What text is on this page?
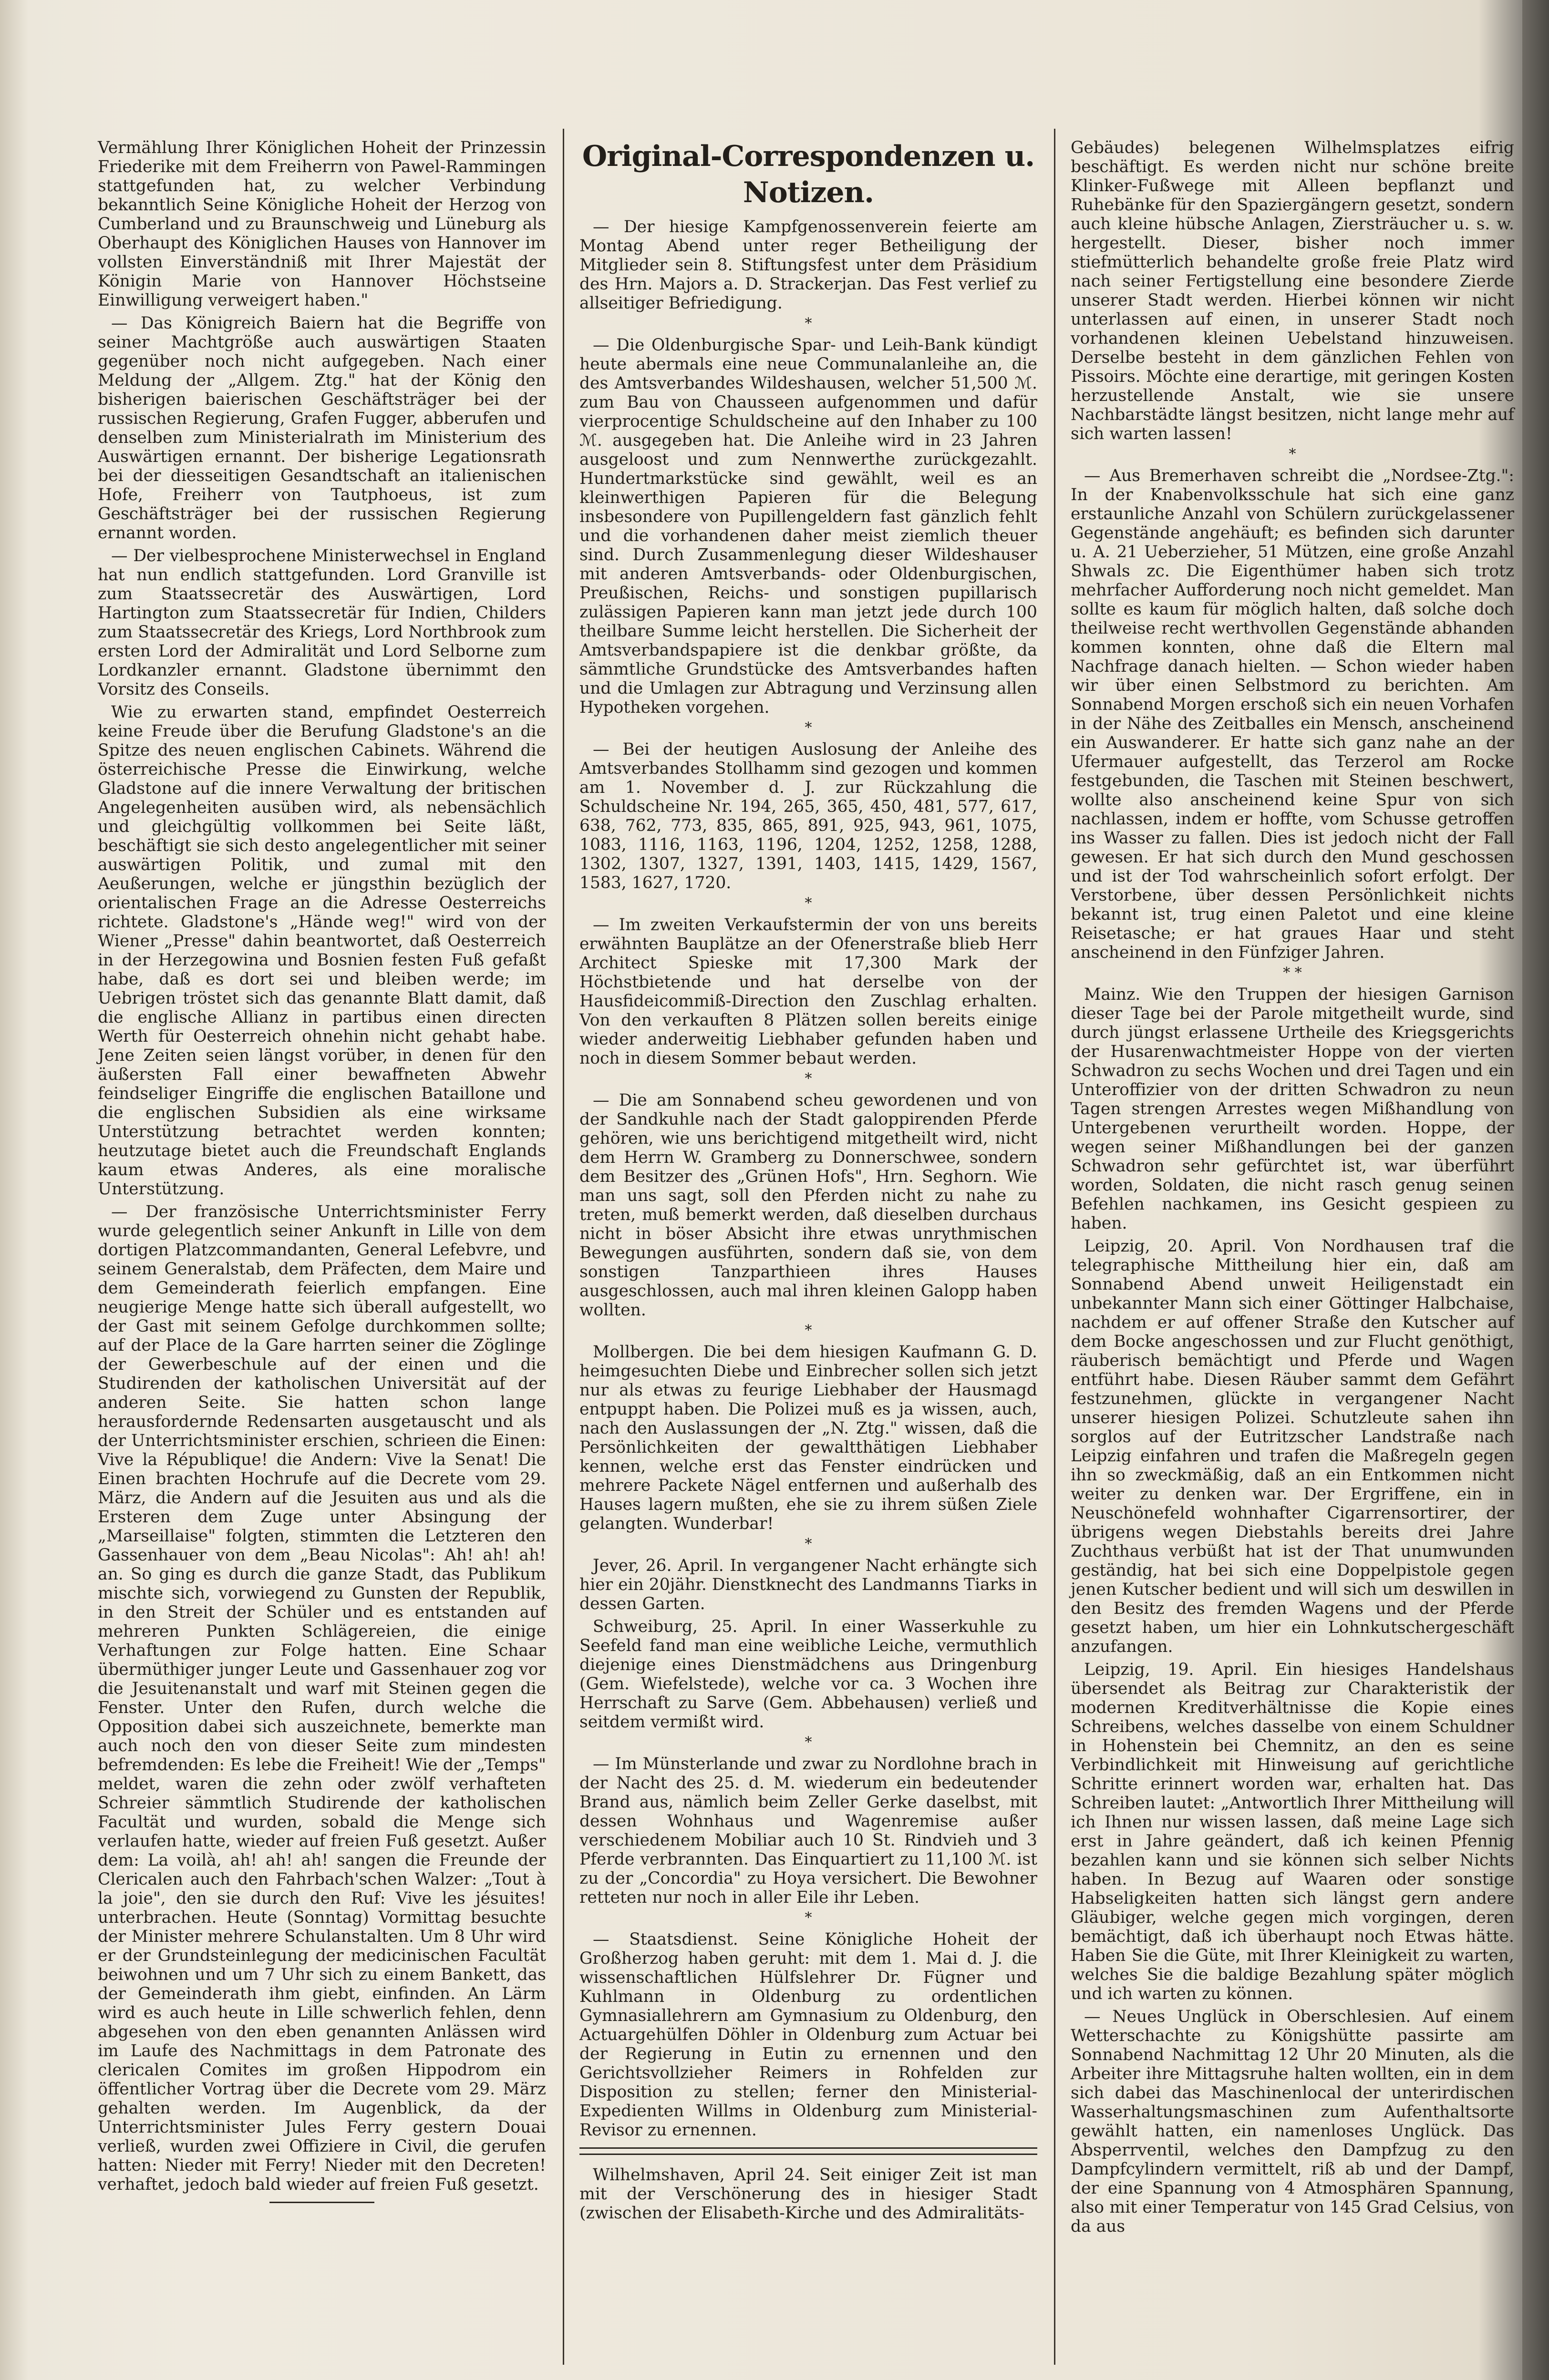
Vermählung Ihrer Königlichen Hoheit der Prinzessin Friederike mit dem Freiherrn von Pawel-Rammingen stattgefunden hat, zu welcher Verbindung bekanntlich Seine Königliche Hoheit der Herzog von Cumberland und zu Braunschweig und Lüneburg als Oberhaupt des Königlichen Hauses von Hannover im vollsten Einverständniß mit Ihrer Majestät der Königin Marie von Hannover Höchstseine Einwilligung verweigert haben."

— Das Königreich Baiern hat die Begriffe von seiner Machtgröße auch auswärtigen Staaten gegenüber noch nicht aufgegeben. Nach einer Meldung der „Allgem. Ztg." hat der König den bisherigen baierischen Geschäftsträger bei der russischen Regierung, Grafen Fugger, abberufen und denselben zum Ministerialrath im Ministerium des Auswärtigen ernannt. Der bisherige Legationsrath bei der diesseitigen Gesandtschaft an italienischen Hofe, Freiherr von Tautphoeus, ist zum Geschäftsträger bei der russischen Regierung ernannt worden.

— Der vielbesprochene Ministerwechsel in England hat nun endlich stattgefunden. Lord Granville ist zum Staatssecretär des Auswärtigen, Lord Hartington zum Staatssecretär für Indien, Childers zum Staatssecretär des Kriegs, Lord Northbrook zum ersten Lord der Admiralität und Lord Selborne zum Lordkanzler ernannt. Gladstone übernimmt den Vorsitz des Conseils.

Wie zu erwarten stand, empfindet Oesterreich keine Freude über die Berufung Gladstone's an die Spitze des neuen englischen Cabinets. Während die österreichische Presse die Einwirkung, welche Gladstone auf die innere Verwaltung der britischen Angelegenheiten ausüben wird, als nebensächlich und gleichgültig vollkommen bei Seite läßt, beschäftigt sie sich desto angelegentlicher mit seiner auswärtigen Politik, und zumal mit den Aeußerungen, welche er jüngsthin bezüglich der orientalischen Frage an die Adresse Oesterreichs richtete. Gladstone's „Hände weg!" wird von der Wiener „Presse" dahin beantwortet, daß Oesterreich in der Herzegowina und Bosnien festen Fuß gefaßt habe, daß es dort sei und bleiben werde; im Uebrigen tröstet sich das genannte Blatt damit, daß die englische Allianz in partibus einen directen Werth für Oesterreich ohnehin nicht gehabt habe. Jene Zeiten seien längst vorüber, in denen für den äußersten Fall einer bewaffneten Abwehr feindseliger Eingriffe die englischen Bataillone und die englischen Subsidien als eine wirksame Unterstützung betrachtet werden konnten; heutzutage bietet auch die Freundschaft Englands kaum etwas Anderes, als eine moralische Unterstützung.

— Der französische Unterrichtsminister Ferry wurde gelegentlich seiner Ankunft in Lille von dem dortigen Platzcommandanten, General Lefebvre, und seinem Generalstab, dem Präfecten, dem Maire und dem Gemeinderath feierlich empfangen. Eine neugierige Menge hatte sich überall aufgestellt, wo der Gast mit seinem Gefolge durchkommen sollte; auf der Place de la Gare harrten seiner die Zöglinge der Gewerbeschule auf der einen und die Studirenden der katholischen Universität auf der anderen Seite. Sie hatten schon lange herausfordernde Redensarten ausgetauscht und als der Unterrichtsminister erschien, schrieen die Einen: Vive la République! die Andern: Vive la Senat! Die Einen brachten Hochrufe auf die Decrete vom 29. März, die Andern auf die Jesuiten aus und als die Ersteren dem Zuge unter Absingung der „Marseillaise" folgten, stimmten die Letzteren den Gassenhauer von dem „Beau Nicolas": Ah! ah! ah! an. So ging es durch die ganze Stadt, das Publikum mischte sich, vorwiegend zu Gunsten der Republik, in den Streit der Schüler und es entstanden auf mehreren Punkten Schlägereien, die einige Verhaftungen zur Folge hatten. Eine Schaar übermüthiger junger Leute und Gassenhauer zog vor die Jesuitenanstalt und warf mit Steinen gegen die Fenster. Unter den Rufen, durch welche die Opposition dabei sich auszeichnete, bemerkte man auch noch den von dieser Seite zum mindesten befremdenden: Es lebe die Freiheit! Wie der „Temps" meldet, waren die zehn oder zwölf verhafteten Schreier sämmtlich Studirende der katholischen Facultät und wurden, sobald die Menge sich verlaufen hatte, wieder auf freien Fuß gesetzt. Außer dem: La voilà, ah! ah! ah! sangen die Freunde der Clericalen auch den Fahrbach'schen Walzer: „Tout à la joie", den sie durch den Ruf: Vive les jésuites! unterbrachen. Heute (Sonntag) Vormittag besuchte der Minister mehrere Schulanstalten. Um 8 Uhr wird er der Grundsteinlegung der medicinischen Facultät beiwohnen und um 7 Uhr sich zu einem Bankett, das der Gemeinderath ihm giebt, einfinden. An Lärm wird es auch heute in Lille schwerlich fehlen, denn abgesehen von den eben genannten Anlässen wird im Laufe des Nachmittags in dem Patronate des clericalen Comites im großen Hippodrom ein öffentlicher Vortrag über die Decrete vom 29. März gehalten werden. Im Augenblick, da der Unterrichtsminister Jules Ferry gestern Douai verließ, wurden zwei Offiziere in Civil, die gerufen hatten: Nieder mit Ferry! Nieder mit den Decreten! verhaftet, jedoch bald wieder auf freien Fuß gesetzt.

Original-Correspondenzen u. Notizen.

— Der hiesige Kampfgenossenverein feierte am Montag Abend unter reger Betheiligung der Mitglieder sein 8. Stiftungsfest unter dem Präsidium des Hrn. Majors a. D. Strackerjan. Das Fest verlief zu allseitiger Befriedigung.

*

— Die Oldenburgische Spar- und Leih-Bank kündigt heute abermals eine neue Communalanleihe an, die des Amtsverbandes Wildeshausen, welcher 51,500 ℳ. zum Bau von Chausseen aufgenommen und dafür vierprocentige Schuldscheine auf den Inhaber zu 100 ℳ. ausgegeben hat. Die Anleihe wird in 23 Jahren ausgeloost und zum Nennwerthe zurückgezahlt. Hundertmarkstücke sind gewählt, weil es an kleinwerthigen Papieren für die Belegung insbesondere von Pupillengeldern fast gänzlich fehlt und die vorhandenen daher meist ziemlich theuer sind. Durch Zusammenlegung dieser Wildeshauser mit anderen Amtsverbands- oder Oldenburgischen, Preußischen, Reichs- und sonstigen pupillarisch zulässigen Papieren kann man jetzt jede durch 100 theilbare Summe leicht herstellen. Die Sicherheit der Amtsverbandspapiere ist die denkbar größte, da sämmtliche Grundstücke des Amtsverbandes haften und die Umlagen zur Abtragung und Verzinsung allen Hypotheken vorgehen.

*

— Bei der heutigen Auslosung der Anleihe des Amtsverbandes Stollhamm sind gezogen und kommen am 1. November d. J. zur Rückzahlung die Schuldscheine Nr. 194, 265, 365, 450, 481, 577, 617, 638, 762, 773, 835, 865, 891, 925, 943, 961, 1075, 1083, 1116, 1163, 1196, 1204, 1252, 1258, 1288, 1302, 1307, 1327, 1391, 1403, 1415, 1429, 1567, 1583, 1627, 1720.

*

— Im zweiten Verkaufstermin der von uns bereits erwähnten Bauplätze an der Ofenerstraße blieb Herr Architect Spieske mit 17,300 Mark der Höchstbietende und hat derselbe von der Hausfideicommiß-Direction den Zuschlag erhalten. Von den verkauften 8 Plätzen sollen bereits einige wieder anderweitig Liebhaber gefunden haben und noch in diesem Sommer bebaut werden.

*

— Die am Sonnabend scheu gewordenen und von der Sandkuhle nach der Stadt galoppirenden Pferde gehören, wie uns berichtigend mitgetheilt wird, nicht dem Herrn W. Gramberg zu Donnerschwee, sondern dem Besitzer des „Grünen Hofs", Hrn. Seghorn. Wie man uns sagt, soll den Pferden nicht zu nahe zu treten, muß bemerkt werden, daß dieselben durchaus nicht in böser Absicht ihre etwas unrythmischen Bewegungen ausführten, sondern daß sie, von dem sonstigen Tanzparthieen ihres Hauses ausgeschlossen, auch mal ihren kleinen Galopp haben wollten.

*

Mollbergen. Die bei dem hiesigen Kaufmann G. D. heimgesuchten Diebe und Einbrecher sollen sich jetzt nur als etwas zu feurige Liebhaber der Hausmagd entpuppt haben. Die Polizei muß es ja wissen, auch, nach den Auslassungen der „N. Ztg." wissen, daß die Persönlichkeiten der gewaltthätigen Liebhaber kennen, welche erst das Fenster eindrücken und mehrere Packete Nägel entfernen und außerhalb des Hauses lagern mußten, ehe sie zu ihrem süßen Ziele gelangten. Wunderbar!

*

Jever, 26. April. In vergangener Nacht erhängte sich hier ein 20jähr. Dienstknecht des Landmanns Tiarks in dessen Garten.

Schweiburg, 25. April. In einer Wasserkuhle zu Seefeld fand man eine weibliche Leiche, vermuthlich diejenige eines Dienstmädchens aus Dringenburg (Gem. Wiefelstede), welche vor ca. 3 Wochen ihre Herrschaft zu Sarve (Gem. Abbehausen) verließ und seitdem vermißt wird.

*

— Im Münsterlande und zwar zu Nordlohne brach in der Nacht des 25. d. M. wiederum ein bedeutender Brand aus, nämlich beim Zeller Gerke daselbst, mit dessen Wohnhaus und Wagenremise außer verschiedenem Mobiliar auch 10 St. Rindvieh und 3 Pferde verbrannten. Das Einquartiert zu 11,100 ℳ. ist zu der „Concordia" zu Hoya versichert. Die Bewohner retteten nur noch in aller Eile ihr Leben.

*

— Staatsdienst. Seine Königliche Hoheit der Großherzog haben geruht: mit dem 1. Mai d. J. die wissenschaftlichen Hülfslehrer Dr. Fügner und Kuhlmann in Oldenburg zu ordentlichen Gymnasiallehrern am Gymnasium zu Oldenburg, den Actuargehülfen Döhler in Oldenburg zum Actuar bei der Regierung in Eutin zu ernennen und den Gerichtsvollzieher Reimers in Rohfelden zur Disposition zu stellen; ferner den Ministerial-Expedienten Willms in Oldenburg zum Ministerial-Revisor zu ernennen.

Wilhelmshaven, April 24. Seit einiger Zeit ist man mit der Verschönerung des in hiesiger Stadt (zwischen der Elisabeth-Kirche und des Admiralitäts-

Gebäudes) belegenen Wilhelmsplatzes eifrig beschäftigt. Es werden nicht nur schöne breite Klinker-Fußwege mit Alleen bepflanzt und Ruhebänke für den Spaziergängern gesetzt, sondern auch kleine hübsche Anlagen, Ziersträucher u. s. w. hergestellt. Dieser, bisher noch immer stiefmütterlich behandelte große freie Platz wird nach seiner Fertigstellung eine besondere Zierde unserer Stadt werden. Hierbei können wir nicht unterlassen auf einen, in unserer Stadt noch vorhandenen kleinen Uebelstand hinzuweisen. Derselbe besteht in dem gänzlichen Fehlen von Pissoirs. Möchte eine derartige, mit geringen Kosten herzustellende Anstalt, wie sie unsere Nachbarstädte längst besitzen, nicht lange mehr auf sich warten lassen!

*

— Aus Bremerhaven schreibt die „Nordsee-Ztg.": In der Knabenvolksschule hat sich eine ganz erstaunliche Anzahl von Schülern zurückgelassener Gegenstände angehäuft; es befinden sich darunter u. A. 21 Ueberzieher, 51 Mützen, eine große Anzahl Shwals zc. Die Eigenthümer haben sich trotz mehrfacher Aufforderung noch nicht gemeldet. Man sollte es kaum für möglich halten, daß solche doch theilweise recht werthvollen Gegenstände abhanden kommen konnten, ohne daß die Eltern mal Nachfrage danach hielten. — Schon wieder haben wir über einen Selbstmord zu berichten. Am Sonnabend Morgen erschoß sich ein neuen Vorhafen in der Nähe des Zeitballes ein Mensch, anscheinend ein Auswanderer. Er hatte sich ganz nahe an der Ufermauer aufgestellt, das Terzerol am Rocke festgebunden, die Taschen mit Steinen beschwert, wollte also anscheinend keine Spur von sich nachlassen, indem er hoffte, vom Schusse getroffen ins Wasser zu fallen. Dies ist jedoch nicht der Fall gewesen. Er hat sich durch den Mund geschossen und ist der Tod wahrscheinlich sofort erfolgt. Der Verstorbene, über dessen Persönlichkeit nichts bekannt ist, trug einen Paletot und eine kleine Reisetasche; er hat graues Haar und steht anscheinend in den Fünfziger Jahren.

* *

Mainz. Wie den Truppen der hiesigen Garnison dieser Tage bei der Parole mitgetheilt wurde, sind durch jüngst erlassene Urtheile des Kriegsgerichts der Husarenwachtmeister Hoppe von der vierten Schwadron zu sechs Wochen und drei Tagen und ein Unteroffizier von der dritten Schwadron zu neun Tagen strengen Arrestes wegen Mißhandlung von Untergebenen verurtheilt worden. Hoppe, der wegen seiner Mißhandlungen bei der ganzen Schwadron sehr gefürchtet ist, war überführt worden, Soldaten, die nicht rasch genug seinen Befehlen nachkamen, ins Gesicht gespieen zu haben.

Leipzig, 20. April. Von Nordhausen traf die telegraphische Mittheilung hier ein, daß am Sonnabend Abend unweit Heiligenstadt ein unbekannter Mann sich einer Göttinger Halbchaise, nachdem er auf offener Straße den Kutscher auf dem Bocke angeschossen und zur Flucht genöthigt, räuberisch bemächtigt und Pferde und Wagen entführt habe. Diesen Räuber sammt dem Gefährt festzunehmen, glückte in vergangener Nacht unserer hiesigen Polizei. Schutzleute sahen ihn sorglos auf der Eutritzscher Landstraße nach Leipzig einfahren und trafen die Maßregeln gegen ihn so zweckmäßig, daß an ein Entkommen nicht weiter zu denken war. Der Ergriffene, ein in Neuschönefeld wohnhafter Cigarrensortirer, der übrigens wegen Diebstahls bereits drei Jahre Zuchthaus verbüßt hat ist der That unumwunden geständig, hat bei sich eine Doppelpistole gegen jenen Kutscher bedient und will sich um deswillen in den Besitz des fremden Wagens und der Pferde gesetzt haben, um hier ein Lohnkutschergeschäft anzufangen.

Leipzig, 19. April. Ein hiesiges Handelshaus übersendet als Beitrag zur Charakteristik der modernen Kreditverhältnisse die Kopie eines Schreibens, welches dasselbe von einem Schuldner in Hohenstein bei Chemnitz, an den es seine Verbindlichkeit mit Hinweisung auf gerichtliche Schritte erinnert worden war, erhalten hat. Das Schreiben lautet: „Antwortlich Ihrer Mittheilung will ich Ihnen nur wissen lassen, daß meine Lage sich erst in Jahre geändert, daß ich keinen Pfennig bezahlen kann und sie können sich selber Nichts haben. In Bezug auf Waaren oder sonstige Habseligkeiten hatten sich längst gern andere Gläubiger, welche gegen mich vorgingen, deren bemächtigt, daß ich überhaupt noch Etwas hätte. Haben Sie die Güte, mit Ihrer Kleinigkeit zu warten, welches Sie die baldige Bezahlung später möglich und ich warten zu können.

— Neues Unglück in Oberschlesien. Auf einem Wetterschachte zu Königshütte passirte am Sonnabend Nachmittag 12 Uhr 20 Minuten, als die Arbeiter ihre Mittagsruhe halten wollten, ein in dem sich dabei das Maschinenlocal der unterirdischen Wasserhaltungsmaschinen zum Aufenthaltsorte gewählt hatten, ein namenloses Unglück. Das Absperrventil, welches den Dampfzug zu den Dampfcylindern vermittelt, riß ab und der Dampf, der eine Spannung von 4 Atmosphären Spannung, also mit einer Temperatur von 145 Grad Celsius, von da aus
